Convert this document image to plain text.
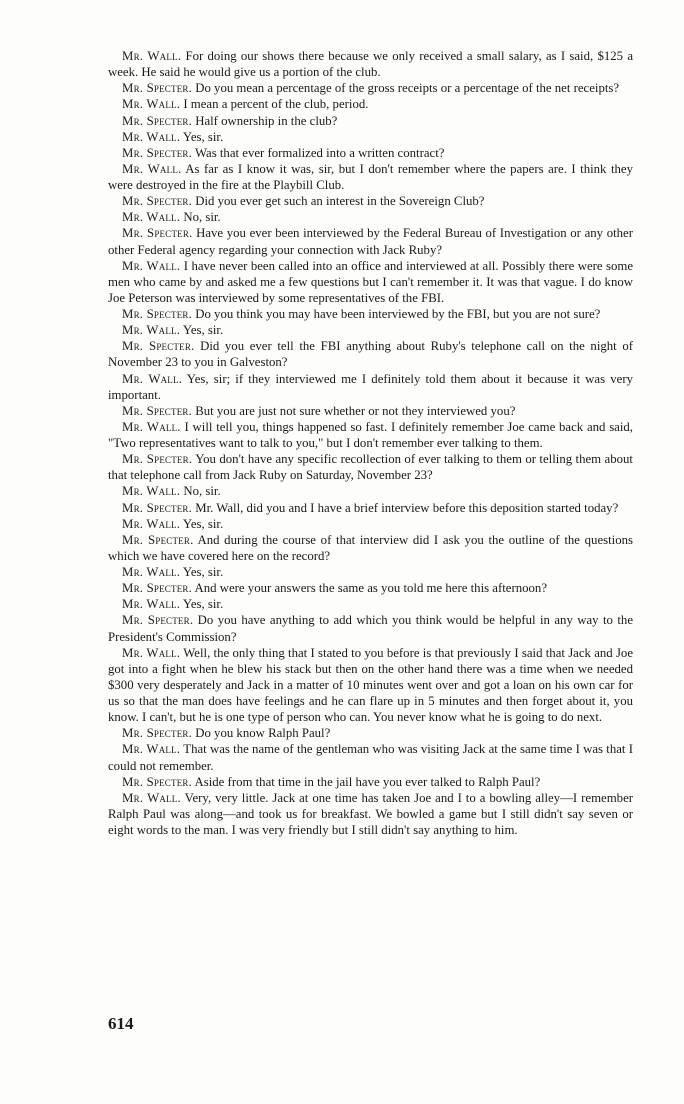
Mr. Wall. For doing our shows there because we only received a small salary, as I said, $125 a week. He said he would give us a portion of the club.

Mr. Specter. Do you mean a percentage of the gross receipts or a percentage of the net receipts?

Mr. Wall. I mean a percent of the club, period.

Mr. Specter. Half ownership in the club?

Mr. Wall. Yes, sir.

Mr. Specter. Was that ever formalized into a written contract?

Mr. Wall. As far as I know it was, sir, but I don't remember where the papers are. I think they were destroyed in the fire at the Playbill Club.

Mr. Specter. Did you ever get such an interest in the Sovereign Club?

Mr. Wall. No, sir.

Mr. Specter. Have you ever been interviewed by the Federal Bureau of Investigation or any other other Federal agency regarding your connection with Jack Ruby?

Mr. Wall. I have never been called into an office and interviewed at all. Possibly there were some men who came by and asked me a few questions but I can't remember it. It was that vague. I do know Joe Peterson was interviewed by some representatives of the FBI.

Mr. Specter. Do you think you may have been interviewed by the FBI, but you are not sure?

Mr. Wall. Yes, sir.

Mr. Specter. Did you ever tell the FBI anything about Ruby's telephone call on the night of November 23 to you in Galveston?

Mr. Wall. Yes, sir; if they interviewed me I definitely told them about it because it was very important.

Mr. Specter. But you are just not sure whether or not they interviewed you?

Mr. Wall. I will tell you, things happened so fast. I definitely remember Joe came back and said, "Two representatives want to talk to you," but I don't remember ever talking to them.

Mr. Specter. You don't have any specific recollection of ever talking to them or telling them about that telephone call from Jack Ruby on Saturday, November 23?

Mr. Wall. No, sir.

Mr. Specter. Mr. Wall, did you and I have a brief interview before this deposition started today?

Mr. Wall. Yes, sir.

Mr. Specter. And during the course of that interview did I ask you the outline of the questions which we have covered here on the record?

Mr. Wall. Yes, sir.

Mr. Specter. And were your answers the same as you told me here this afternoon?

Mr. Wall. Yes, sir.

Mr. Specter. Do you have anything to add which you think would be helpful in any way to the President's Commission?

Mr. Wall. Well, the only thing that I stated to you before is that previously I said that Jack and Joe got into a fight when he blew his stack but then on the other hand there was a time when we needed $300 very desperately and Jack in a matter of 10 minutes went over and got a loan on his own car for us so that the man does have feelings and he can flare up in 5 minutes and then forget about it, you know. I can't, but he is one type of person who can. You never know what he is going to do next.

Mr. Specter. Do you know Ralph Paul?

Mr. Wall. That was the name of the gentleman who was visiting Jack at the same time I was that I could not remember.

Mr. Specter. Aside from that time in the jail have you ever talked to Ralph Paul?

Mr. Wall. Very, very little. Jack at one time has taken Joe and I to a bowling alley—I remember Ralph Paul was along—and took us for breakfast. We bowled a game but I still didn't say seven or eight words to the man. I was very friendly but I still didn't say anything to him.

614
